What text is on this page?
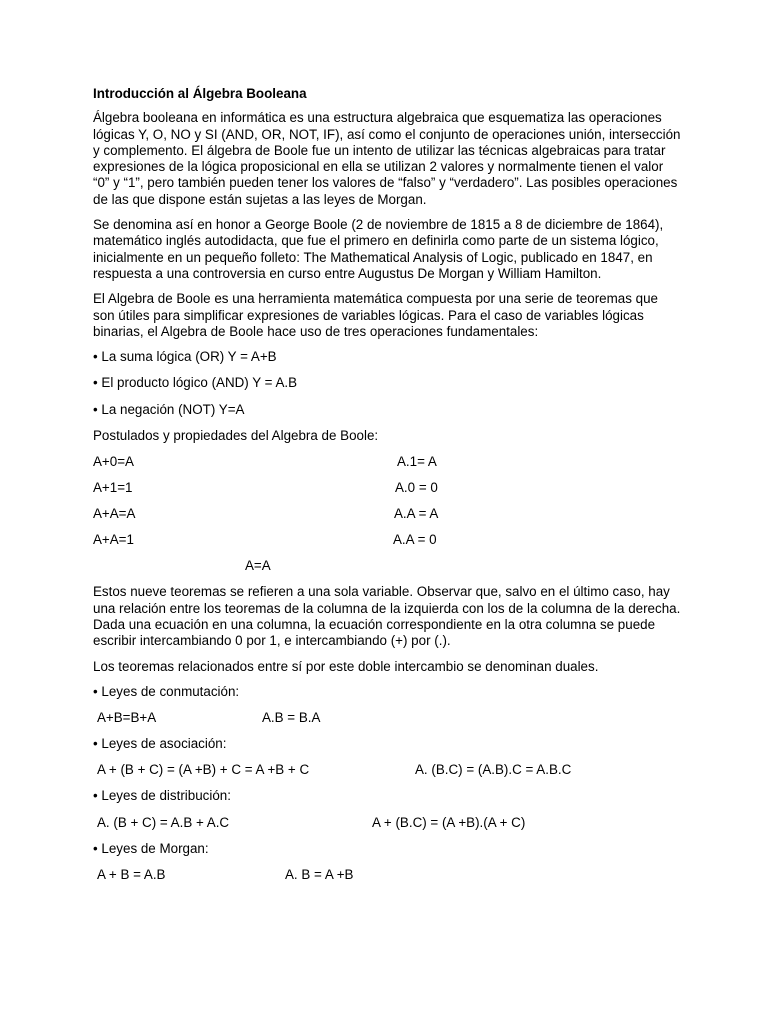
Introducción al Álgebra Booleana

Álgebra booleana en informática es una estructura algebraica que esquematiza las operaciones lógicas Y, O, NO y SI (AND, OR, NOT, IF), así como el conjunto de operaciones unión, intersección y complemento. El álgebra de Boole fue un intento de utilizar las técnicas algebraicas para tratar expresiones de la lógica proposicional en ella se utilizan 2 valores y normalmente tienen el valor “0” y “1”, pero también pueden tener los valores de “falso” y “verdadero”. Las posibles operaciones de las que dispone están sujetas a las leyes de Morgan.

Se denomina así en honor a George Boole (2 de noviembre de 1815 a 8 de diciembre de 1864), matemático inglés autodidacta, que fue el primero en definirla como parte de un sistema lógico, inicialmente en un pequeño folleto: The Mathematical Analysis of Logic, publicado en 1847, en respuesta a una controversia en curso entre Augustus De Morgan y William Hamilton.

El Algebra de Boole es una herramienta matemática compuesta por una serie de teoremas que son útiles para simplificar expresiones de variables lógicas. Para el caso de variables lógicas binarias, el Algebra de Boole hace uso de tres operaciones fundamentales:

• La suma lógica (OR) Y = A+B
• El producto lógico (AND) Y = A.B
• La negación (NOT) Y=A
Postulados y propiedades del Algebra de Boole:
A+0=A	A.1= A
A+1=1	A.0 = 0
A+A=A	A.A = A
A+A=1	A.A = 0
A=A

Estos nueve teoremas se refieren a una sola variable. Observar que, salvo en el último caso, hay una relación entre los teoremas de la columna de la izquierda con los de la columna de la derecha. Dada una ecuación en una columna, la ecuación correspondiente en la otra columna se puede escribir intercambiando 0 por 1, e intercambiando (+) por (.).

Los teoremas relacionados entre sí por este doble intercambio se denominan duales.

• Leyes de conmutación:
A+B=B+A	A.B = B.A
• Leyes de asociación:
A + (B + C) = (A +B) + C = A +B + C	A. (B.C) = (A.B).C = A.B.C
• Leyes de distribución:
A. (B + C) = A.B + A.C	A + (B.C) = (A +B).(A + C)
• Leyes de Morgan:
A + B = A.B	A. B = A +B
